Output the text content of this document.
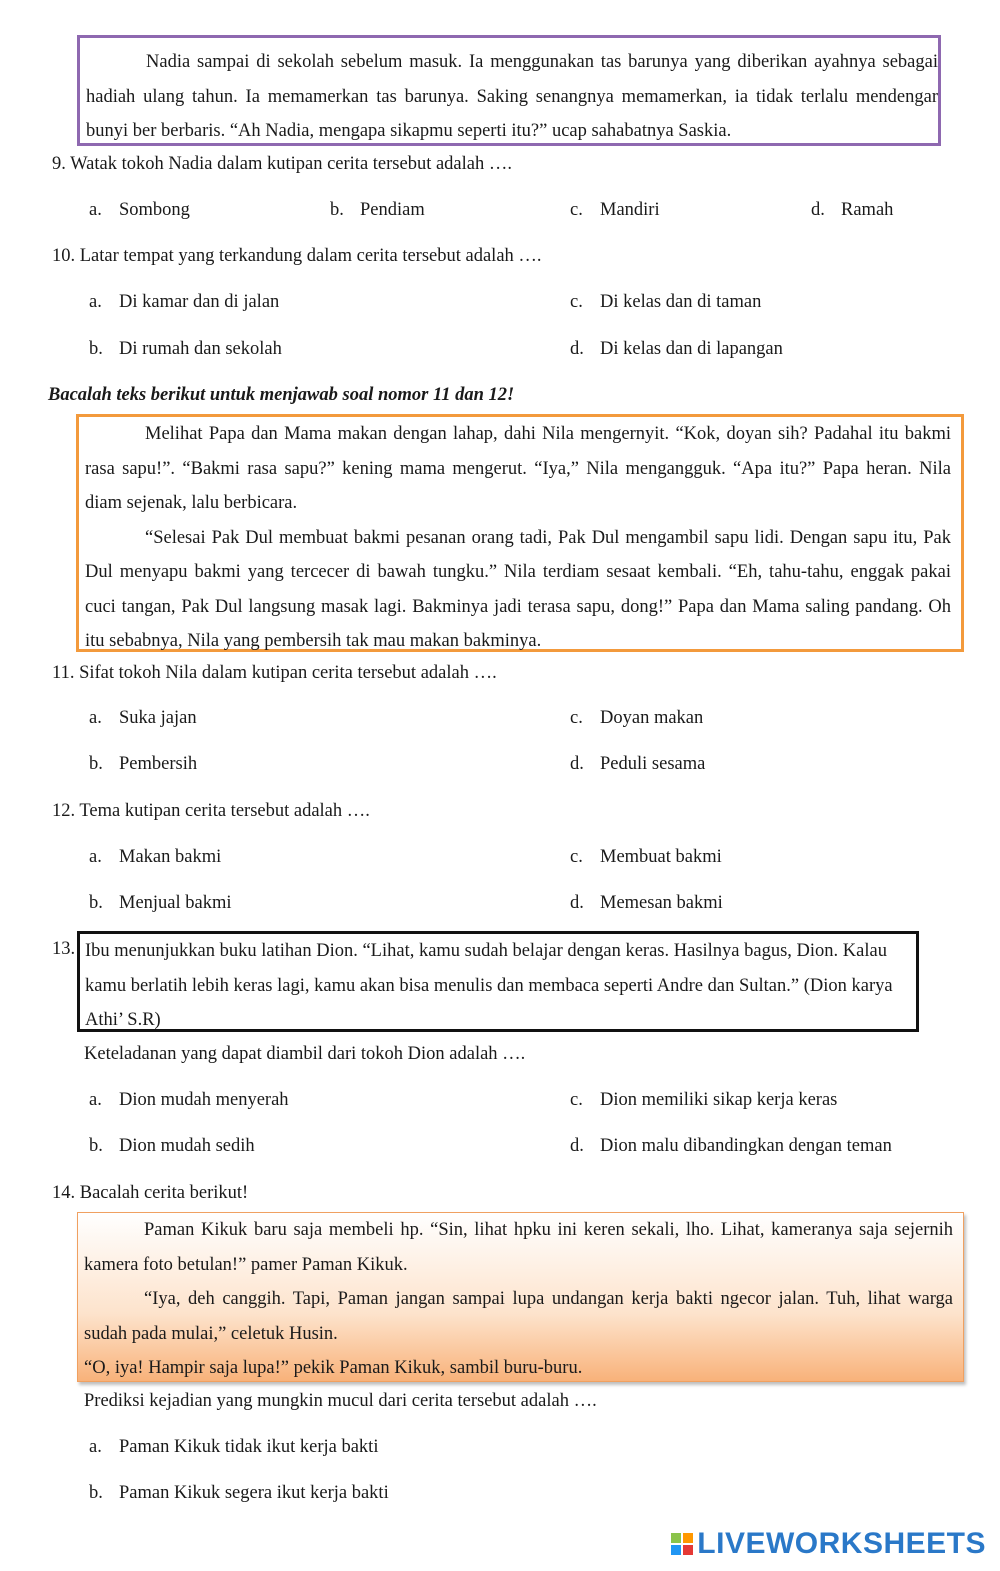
Nadia sampai di sekolah sebelum masuk. Ia menggunakan tas barunya yang diberikan ayahnya sebagai hadiah ulang tahun. Ia memamerkan tas barunya. Saking senangnya memamerkan, ia tidak terlalu mendengar bunyi ber berbaris. “Ah Nadia, mengapa sikapmu seperti itu?” ucap sahabatnya Saskia.

9. Watak tokoh Nadia dalam kutipan cerita tersebut adalah ….
a. Sombong	b. Pendiam	c. Mandiri	d. Ramah
10. Latar tempat yang terkandung dalam cerita tersebut adalah ….
a. Di kamar dan di jalan
b. Di rumah dan sekolah
c. Di kelas dan di taman
d. Di kelas dan di lapangan
Bacalah teks berikut untuk menjawab soal nomor 11 dan 12!

Melihat Papa dan Mama makan dengan lahap, dahi Nila mengernyit. “Kok, doyan sih? Padahal itu bakmi rasa sapu!”. “Bakmi rasa sapu?” kening mama mengerut. “Iya,” Nila mengangguk. “Apa itu?” Papa heran. Nila diam sejenak, lalu berbicara.

“Selesai Pak Dul membuat bakmi pesanan orang tadi, Pak Dul mengambil sapu lidi. Dengan sapu itu, Pak Dul menyapu bakmi yang tercecer di bawah tungku.” Nila terdiam sesaat kembali. “Eh, tahu-tahu, enggak pakai cuci tangan, Pak Dul langsung masak lagi. Bakminya jadi terasa sapu, dong!” Papa dan Mama saling pandang. Oh itu sebabnya, Nila yang pembersih tak mau makan bakminya.

11. Sifat tokoh Nila dalam kutipan cerita tersebut adalah ….
a. Suka jajan
b. Pembersih
c. Doyan makan
d. Peduli sesama
12. Tema kutipan cerita tersebut adalah ….
a. Makan bakmi
b. Menjual bakmi
c. Membuat bakmi
d. Memesan bakmi
13. Ibu menunjukkan buku latihan Dion. “Lihat, kamu sudah belajar dengan keras. Hasilnya bagus, Dion. Kalau kamu berlatih lebih keras lagi, kamu akan bisa menulis dan membaca seperti Andre dan Sultan.” (Dion karya Athi’ S.R)

Keteladanan yang dapat diambil dari tokoh Dion adalah ….
a. Dion mudah menyerah
b. Dion mudah sedih
c. Dion memiliki sikap kerja keras
d. Dion malu dibandingkan dengan teman
14. Bacalah cerita berikut!

Paman Kikuk baru saja membeli hp. “Sin, lihat hpku ini keren sekali, lho. Lihat, kameranya saja sejernih kamera foto betulan!” pamer Paman Kikuk.

“Iya, deh canggih. Tapi, Paman jangan sampai lupa undangan kerja bakti ngecor jalan. Tuh, lihat warga sudah pada mulai,” celetuk Husin.

“O, iya! Hampir saja lupa!” pekik Paman Kikuk, sambil buru-buru.

Prediksi kejadian yang mungkin mucul dari cerita tersebut adalah ….
a. Paman Kikuk tidak ikut kerja bakti
b. Paman Kikuk segera ikut kerja bakti
LIVEWORKSHEETS
